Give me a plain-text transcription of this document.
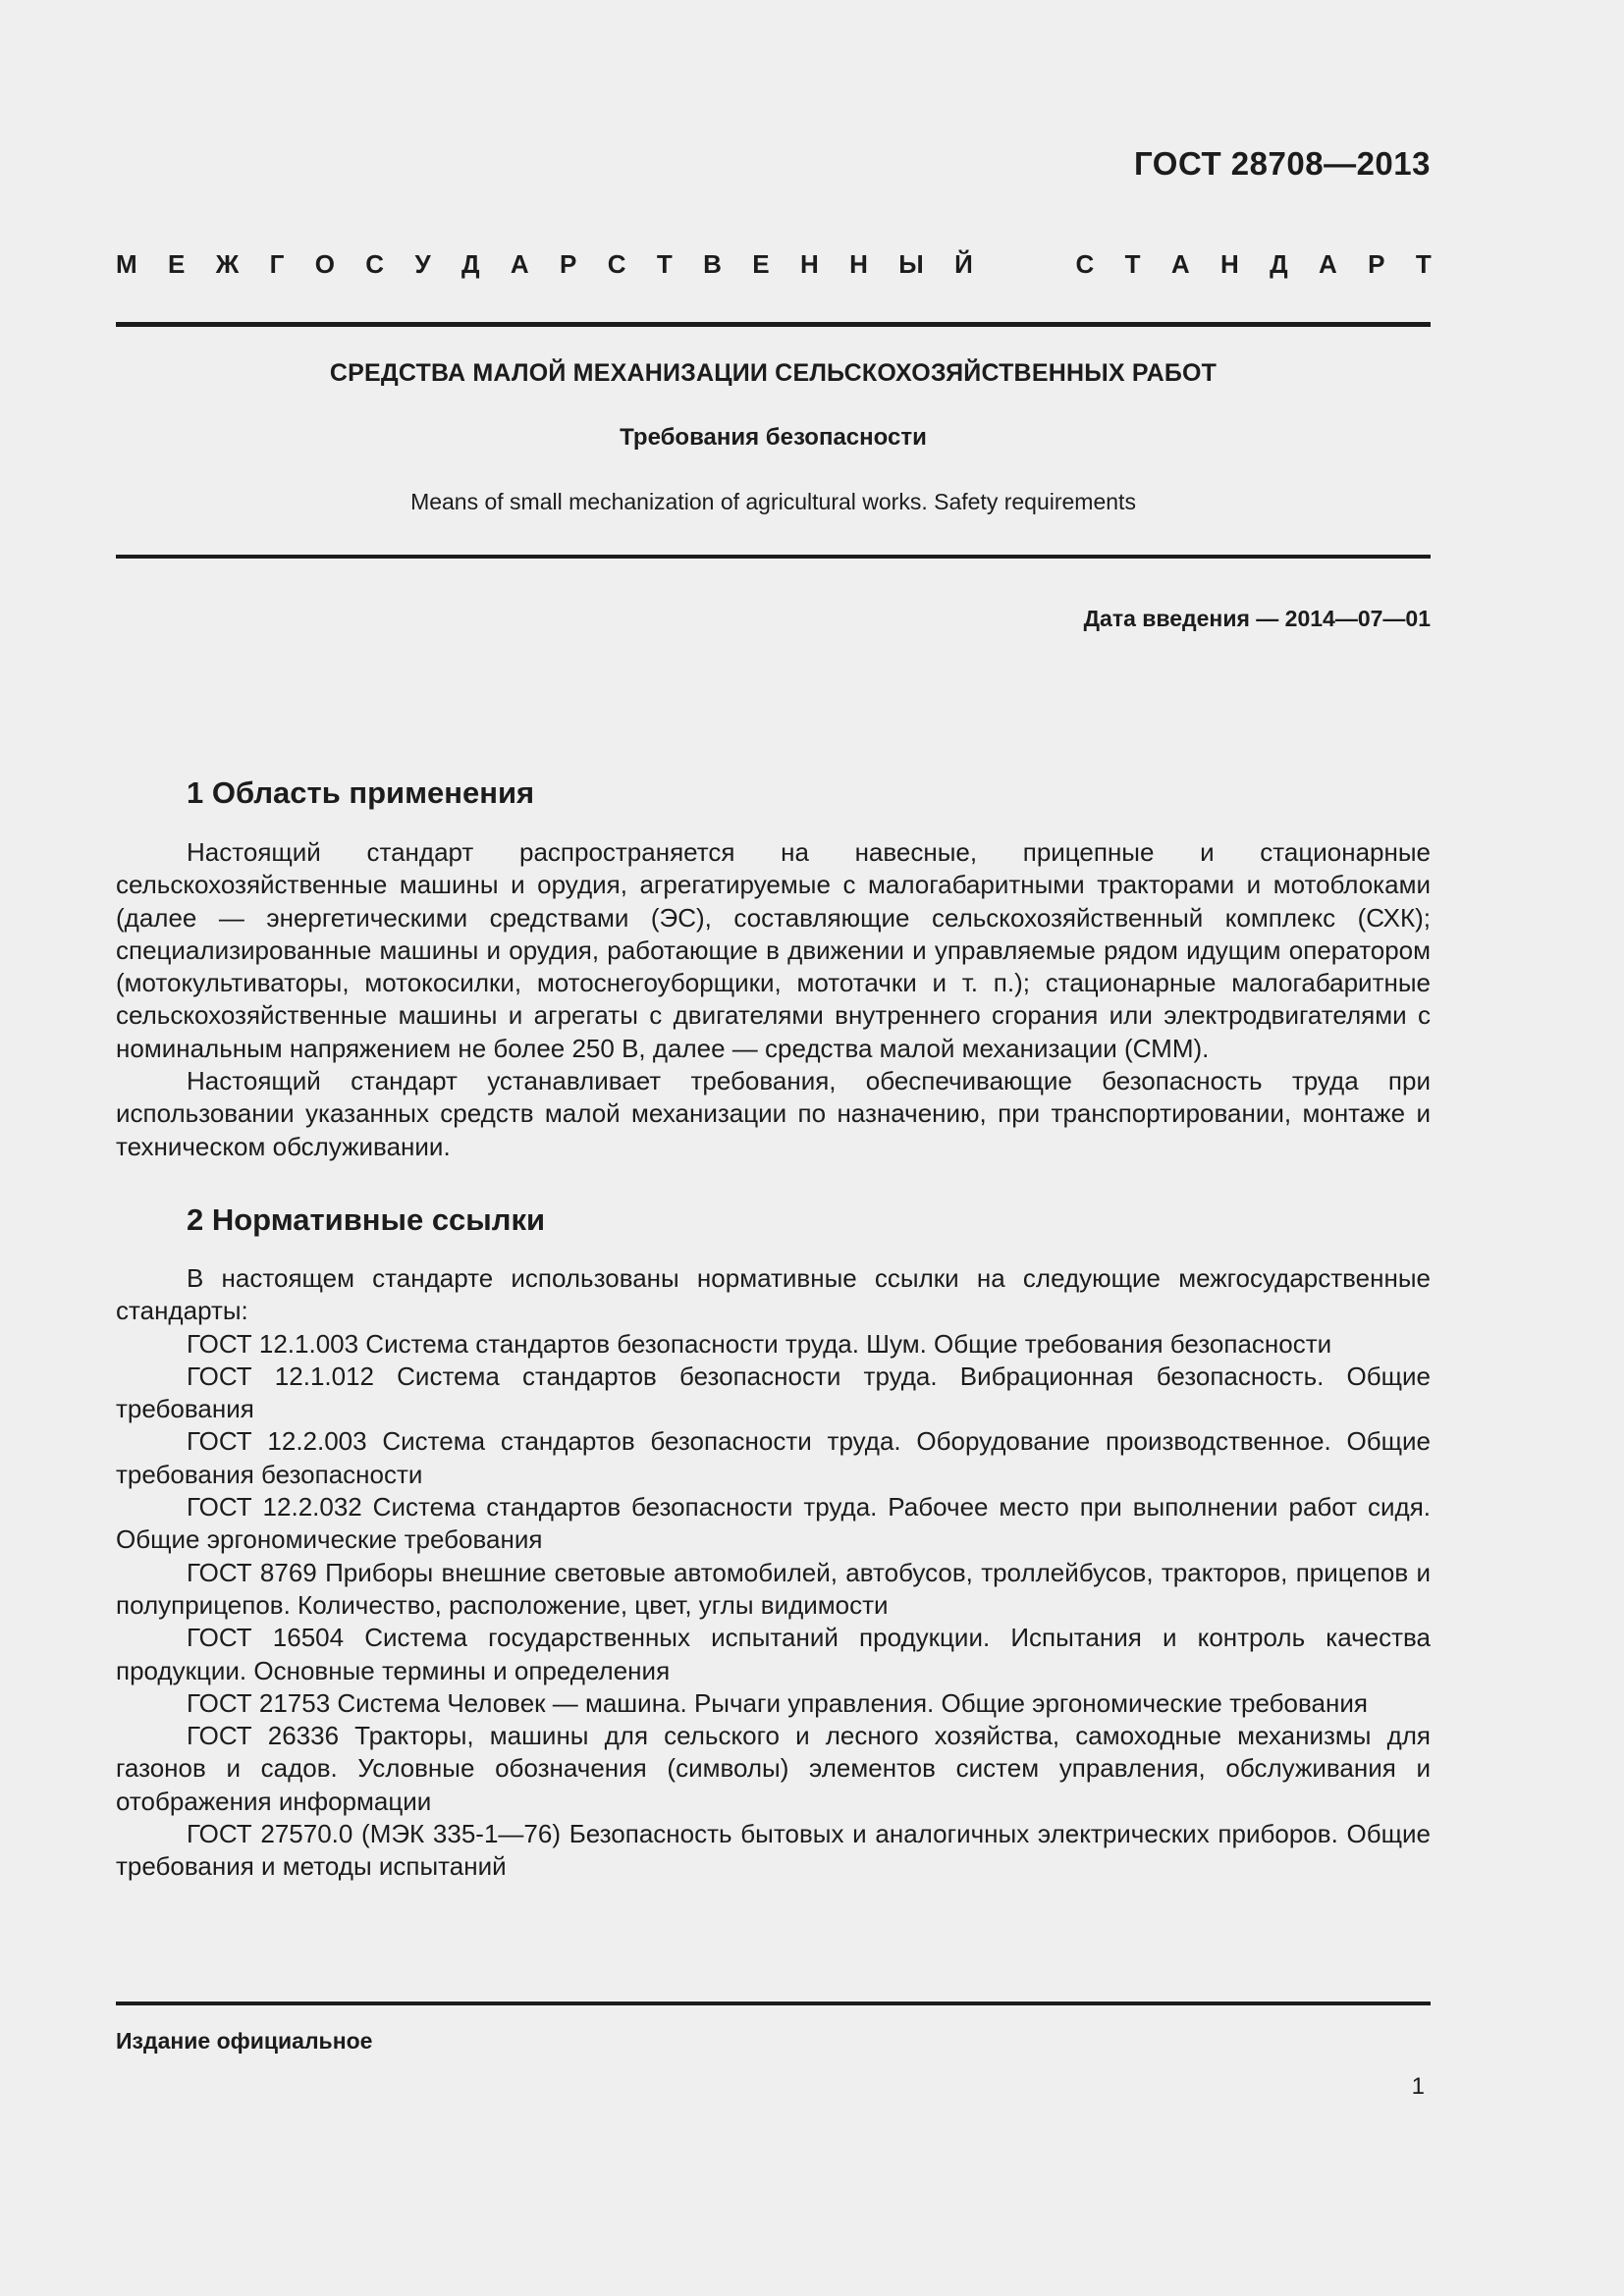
ГОСТ 28708—2013
М Е Ж Г О С У Д А Р С Т В Е Н Н Ы Й	С Т А Н Д А Р Т
СРЕДСТВА МАЛОЙ МЕХАНИЗАЦИИ СЕЛЬСКОХОЗЯЙСТВЕННЫХ РАБОТ
Требования безопасности
Means of small mechanization of agricultural works. Safety requirements
Дата введения — 2014—07—01
1 Область применения

Настоящий стандарт распространяется на навесные, прицепные и стационарные сельскохозяйственные машины и орудия, агрегатируемые с малогабаритными тракторами и мотоблоками (далее — энергетическими средствами (ЭС), составляющие сельскохозяйственный комплекс (СХК); специализированные машины и орудия, работающие в движении и управляемые рядом идущим оператором (мотокультиваторы, мотокосилки, мотоснегоуборщики, мототачки и т. п.); стационарные малогабаритные сельскохозяйственные машины и агрегаты с двигателями внутреннего сгорания или электродвигателями с номинальным напряжением не более 250 В, далее — средства малой механизации (СММ).

Настоящий стандарт устанавливает требования, обеспечивающие безопасность труда при использовании указанных средств малой механизации по назначению, при транспортировании, монтаже и техническом обслуживании.

2 Нормативные ссылки

В настоящем стандарте использованы нормативные ссылки на следующие межгосударственные стандарты:

ГОСТ 12.1.003 Система стандартов безопасности труда. Шум. Общие требования безопасности

ГОСТ 12.1.012 Система стандартов безопасности труда. Вибрационная безопасность. Общие требования

ГОСТ 12.2.003 Система стандартов безопасности труда. Оборудование производственное. Общие требования безопасности

ГОСТ 12.2.032 Система стандартов безопасности труда. Рабочее место при выполнении работ сидя. Общие эргономические требования

ГОСТ 8769 Приборы внешние световые автомобилей, автобусов, троллейбусов, тракторов, прицепов и полуприцепов. Количество, расположение, цвет, углы видимости

ГОСТ 16504 Система государственных испытаний продукции. Испытания и контроль качества продукции. Основные термины и определения

ГОСТ 21753 Система Человек — машина. Рычаги управления. Общие эргономические требования

ГОСТ 26336 Тракторы, машины для сельского и лесного хозяйства, самоходные механизмы для газонов и садов. Условные обозначения (символы) элементов систем управления, обслуживания и отображения информации

ГОСТ 27570.0 (МЭК 335-1—76) Безопасность бытовых и аналогичных электрических приборов. Общие требования и методы испытаний

Издание официальное
1
